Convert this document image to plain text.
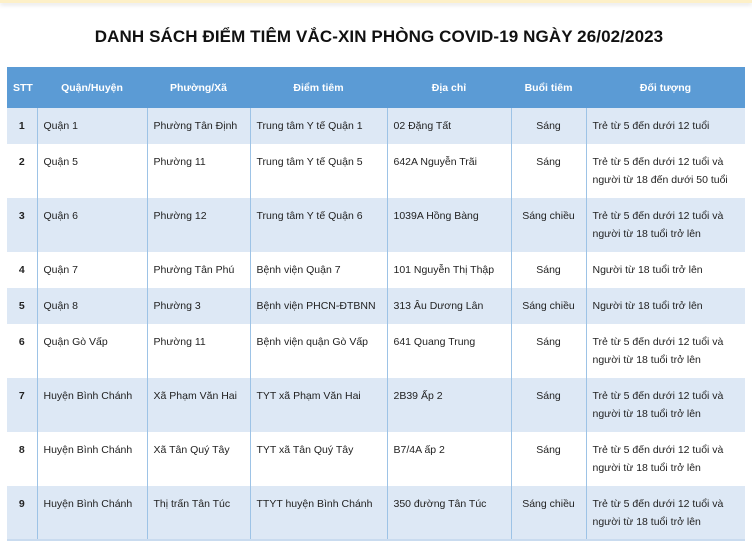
DANH SÁCH ĐIỂM TIÊM VẮC-XIN PHÒNG COVID-19 NGÀY 26/02/2023
STT	Quận/Huyện	Phường/Xã	Điểm tiêm	Địa chỉ	Buổi tiêm	Đối tượng
1	Quận 1	Phường Tân Định	Trung tâm Y tế Quận 1	02 Đặng Tất	Sáng	Trẻ từ 5 đến dưới 12 tuổi
2	Quận 5	Phường 11	Trung tâm Y tế Quận 5	642A Nguyễn Trãi	Sáng	Trẻ từ 5 đến dưới 12 tuổi và
người từ 18 đến dưới 50 tuổi
3	Quận 6	Phường 12	Trung tâm Y tế Quận 6	1039A Hồng Bàng	Sáng chiều	Trẻ từ 5 đến dưới 12 tuổi và
người từ 18 tuổi trở lên
4	Quận 7	Phường Tân Phú	Bệnh viện Quận 7	101 Nguyễn Thị Thập	Sáng	Người từ 18 tuổi trở lên
5	Quận 8	Phường 3	Bệnh viện PHCN-ĐTBNN	313 Âu Dương Lân	Sáng chiều	Người từ 18 tuổi trở lên
6	Quận Gò Vấp	Phường 11	Bệnh viện quận Gò Vấp	641 Quang Trung	Sáng	Trẻ từ 5 đến dưới 12 tuổi và
người từ 18 tuổi trở lên
7	Huyện Bình Chánh	Xã Phạm Văn Hai	TYT xã Phạm Văn Hai	2B39 Ấp 2	Sáng	Trẻ từ 5 đến dưới 12 tuổi và
người từ 18 tuổi trở lên
8	Huyện Bình Chánh	Xã Tân Quý Tây	TYT xã Tân Quý Tây	B7/4A ấp 2	Sáng	Trẻ từ 5 đến dưới 12 tuổi và
người từ 18 tuổi trở lên
9	Huyện Bình Chánh	Thị trấn Tân Túc	TTYT huyện Bình Chánh	350 đường Tân Túc	Sáng chiều	Trẻ từ 5 đến dưới 12 tuổi và
người từ 18 tuổi trở lên
